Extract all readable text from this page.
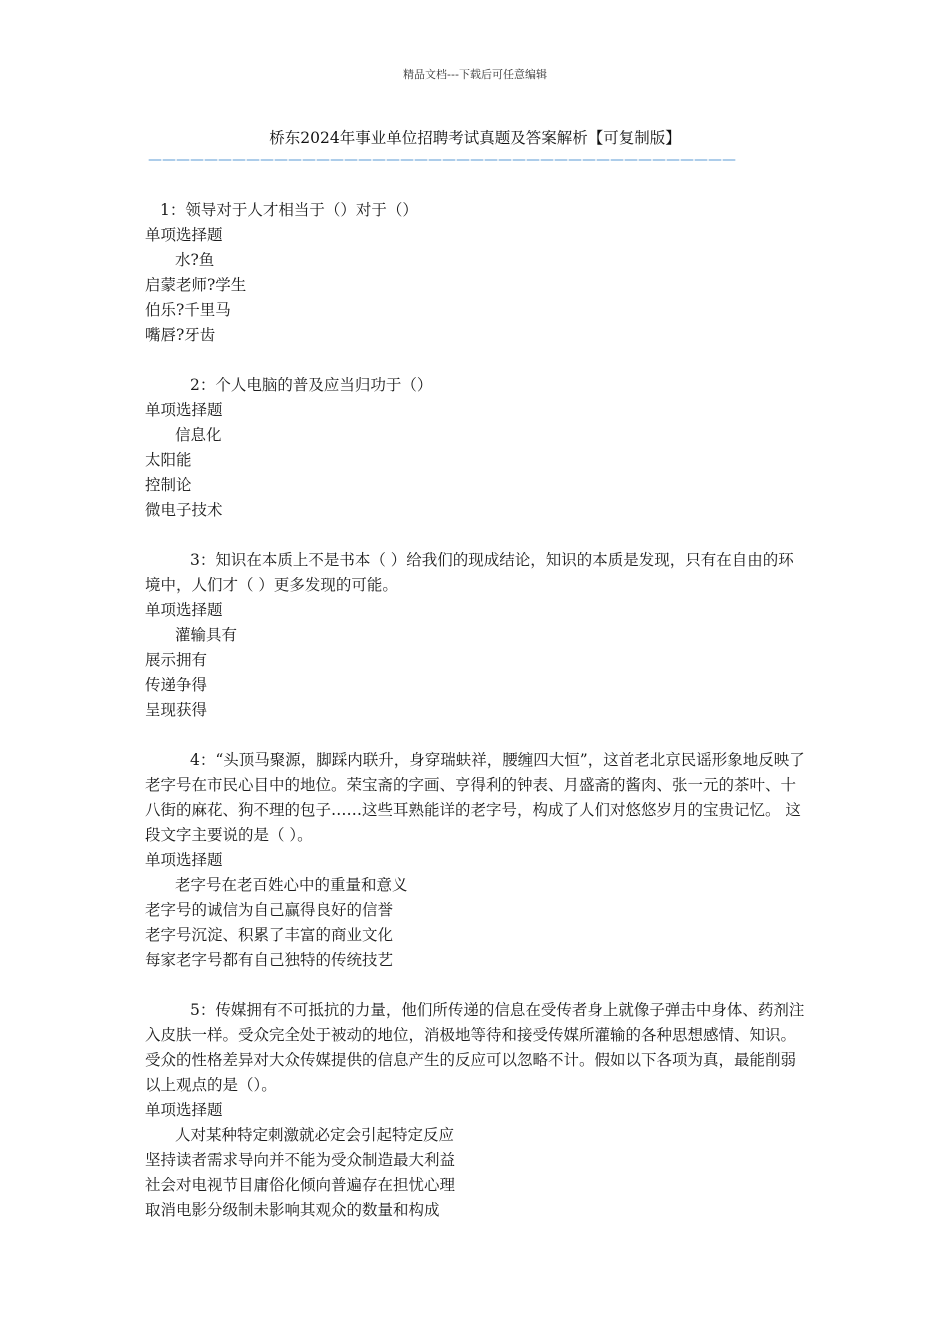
精品文档---下载后可任意编辑
桥东2024年事业单位招聘考试真题及答案解析【可复制版】
——————————————————————————————————————————
1：领导对于人才相当于（）对于（）
单项选择题
水?鱼
启蒙老师?学生
伯乐?千里马
嘴唇?牙齿
2：个人电脑的普及应当归功于（）
单项选择题
信息化
太阳能
控制论
微电子技术
3：知识在本质上不是书本（ ）给我们的现成结论，知识的本质是发现，只有在自由的环境中，人们才（ ）更多发现的可能。
单项选择题
灌输具有
展示拥有
传递争得
呈现获得
4：“头顶马聚源，脚踩内联升，身穿瑞蚨祥，腰缠四大恒”，这首老北京民谣形象地反映了老字号在市民心目中的地位。荣宝斋的字画、亨得利的钟表、月盛斋的酱肉、张一元的茶叶、十八街的麻花、狗不理的包子……这些耳熟能详的老字号，构成了人们对悠悠岁月的宝贵记忆。 这段文字主要说的是（ ）。
单项选择题
老字号在老百姓心中的重量和意义
老字号的诚信为自己赢得良好的信誉
老字号沉淀、积累了丰富的商业文化
每家老字号都有自己独特的传统技艺
5：传媒拥有不可抵抗的力量，他们所传递的信息在受传者身上就像子弹击中身体、药剂注入皮肤一样。受众完全处于被动的地位，消极地等待和接受传媒所灌输的各种思想感情、知识。受众的性格差异对大众传媒提供的信息产生的反应可以忽略不计。假如以下各项为真，最能削弱以上观点的是（）。
单项选择题
人对某种特定刺激就必定会引起特定反应
坚持读者需求导向并不能为受众制造最大利益
社会对电视节目庸俗化倾向普遍存在担忧心理
取消电影分级制未影响其观众的数量和构成
